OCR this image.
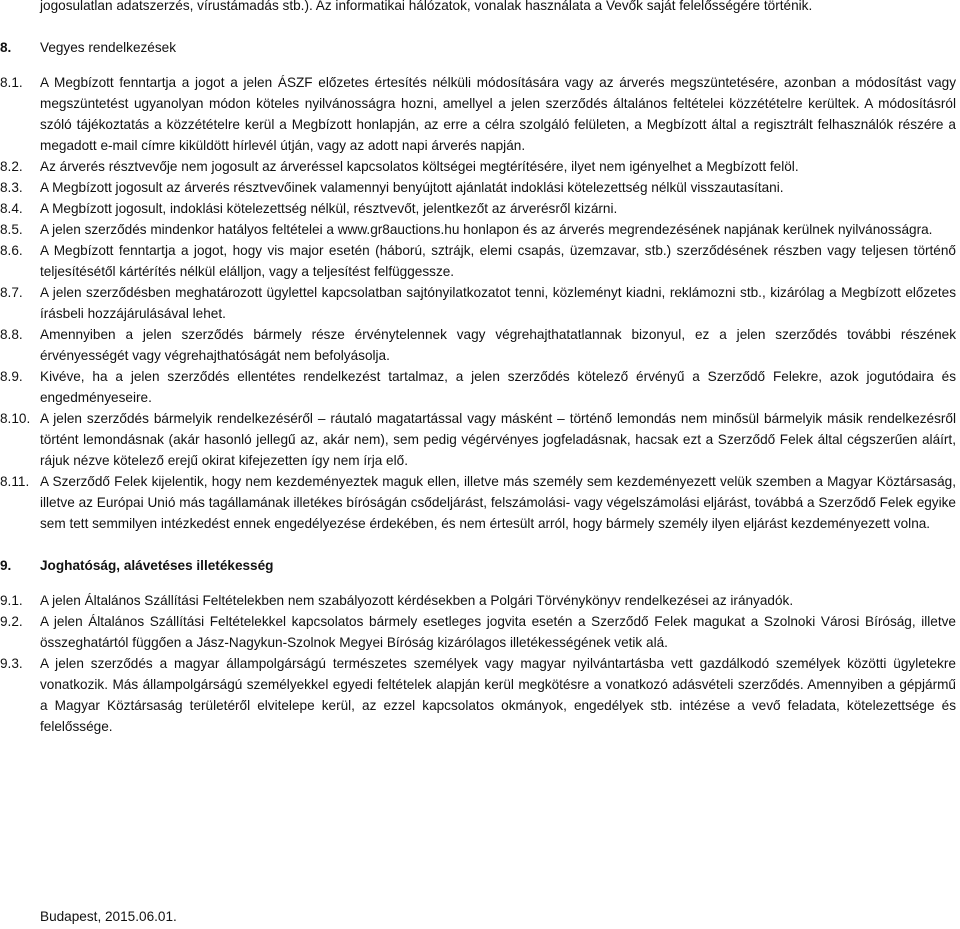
jogosulatlan adatszerzés, vírustámadás stb.). Az informatikai hálózatok, vonalak használata a Vevők saját felelősségére történik.

8.	Vegyes rendelkezések

8.1.	A Megbízott fenntartja a jogot a jelen ÁSZF előzetes értesítés nélküli módosítására vagy az árverés megszüntetésére, azonban a módosítást vagy megszüntetést ugyanolyan módon köteles nyilvánosságra hozni, amellyel a jelen szerződés általános feltételei közzétételre kerültek. A módosításról szóló tájékoztatás a közzétételre kerül a Megbízott honlapján, az erre a célra szolgáló felületen, a Megbízott által a regisztrált felhasználók részére a megadott e-mail címre kiküldött hírlevél útján, vagy az adott napi árverés napján.

8.2.	Az árverés résztvevője nem jogosult az árveréssel kapcsolatos költségei megtérítésére, ilyet nem igényelhet a Megbízott felöl.

8.3.	A Megbízott jogosult az árverés résztvevőinek valamennyi benyújtott ajánlatát indoklási kötelezettség nélkül visszautasítani.

8.4.	A Megbízott jogosult, indoklási kötelezettség nélkül, résztvevőt, jelentkezőt az árverésről kizárni.

8.5.	A jelen szerződés mindenkor hatályos feltételei a www.gr8auctions.hu honlapon és az árverés megrendezésének napjának kerülnek nyilvánosságra.

8.6.	A Megbízott fenntartja a jogot, hogy vis major esetén (háború, sztrájk, elemi csapás, üzemzavar, stb.) szerződésének részben vagy teljesen történő teljesítésétől kártérítés nélkül elálljon, vagy a teljesítést felfüggessze.

8.7.	A jelen szerződésben meghatározott ügylettel kapcsolatban sajtónyilatkozatot tenni, közleményt kiadni, reklámozni stb., kizárólag a Megbízott előzetes írásbeli hozzájárulásával lehet.

8.8.	Amennyiben a jelen szerződés bármely része érvénytelennek vagy végrehajthatatlannak bizonyul, ez a jelen szerződés további részének érvényességét vagy végrehajthatóságát nem befolyásolja.

8.9.	Kivéve, ha a jelen szerződés ellentétes rendelkezést tartalmaz, a jelen szerződés kötelező érvényű a Szerződő Felekre, azok jogutódaira és engedményeseire.

8.10. A jelen szerződés bármelyik rendelkezéséről – ráutaló magatartással vagy másként – történő lemondás nem minősül bármelyik másik rendelkezésről történt lemondásnak (akár hasonló jellegű az, akár nem), sem pedig végérvényes jogfeladásnak, hacsak ezt a Szerződő Felek által cégszerűen aláírt, rájuk nézve kötelező erejű okirat kifejezetten így nem írja elő.

8.11. A Szerződő Felek kijelentik, hogy nem kezdeményeztek maguk ellen, illetve más személy sem kezdeményezett velük szemben a Magyar Köztársaság, illetve az Európai Unió más tagállamának illetékes bíróságán csődeljárást, felszámolási- vagy végelszámolási eljárást, továbbá a Szerződő Felek egyike sem tett semmilyen intézkedést ennek engedélyezése érdekében, és nem értesült arról, hogy bármely személy ilyen eljárást kezdeményezett volna.

9.	Joghatóság, alávetéses illetékesség

9.1.	A jelen Általános Szállítási Feltételekben nem szabályozott kérdésekben a Polgári Törvénykönyv rendelkezései az irányadók.

9.2.	A jelen Általános Szállítási Feltételekkel kapcsolatos bármely esetleges jogvita esetén a Szerződő Felek magukat a Szolnoki Városi Bíróság, illetve összeghatártól függően a Jász-Nagykun-Szolnok Megyei Bíróság kizárólagos illetékességének vetik alá.

9.3.	A jelen szerződés a magyar állampolgárságú természetes személyek vagy magyar nyilvántartásba vett gazdálkodó személyek közötti ügyletekre vonatkozik. Más állampolgárságú személyekkel egyedi feltételek alapján kerül megkötésre a vonatkozó adásvételi szerződés. Amennyiben a gépjármű a Magyar Köztársaság területéről elviteleре kerül, az ezzel kapcsolatos okmányok, engedélyek stb. intézése a vevő feladata, kötelezettsége és felelőssége.

Budapest, 2015.06.01.
